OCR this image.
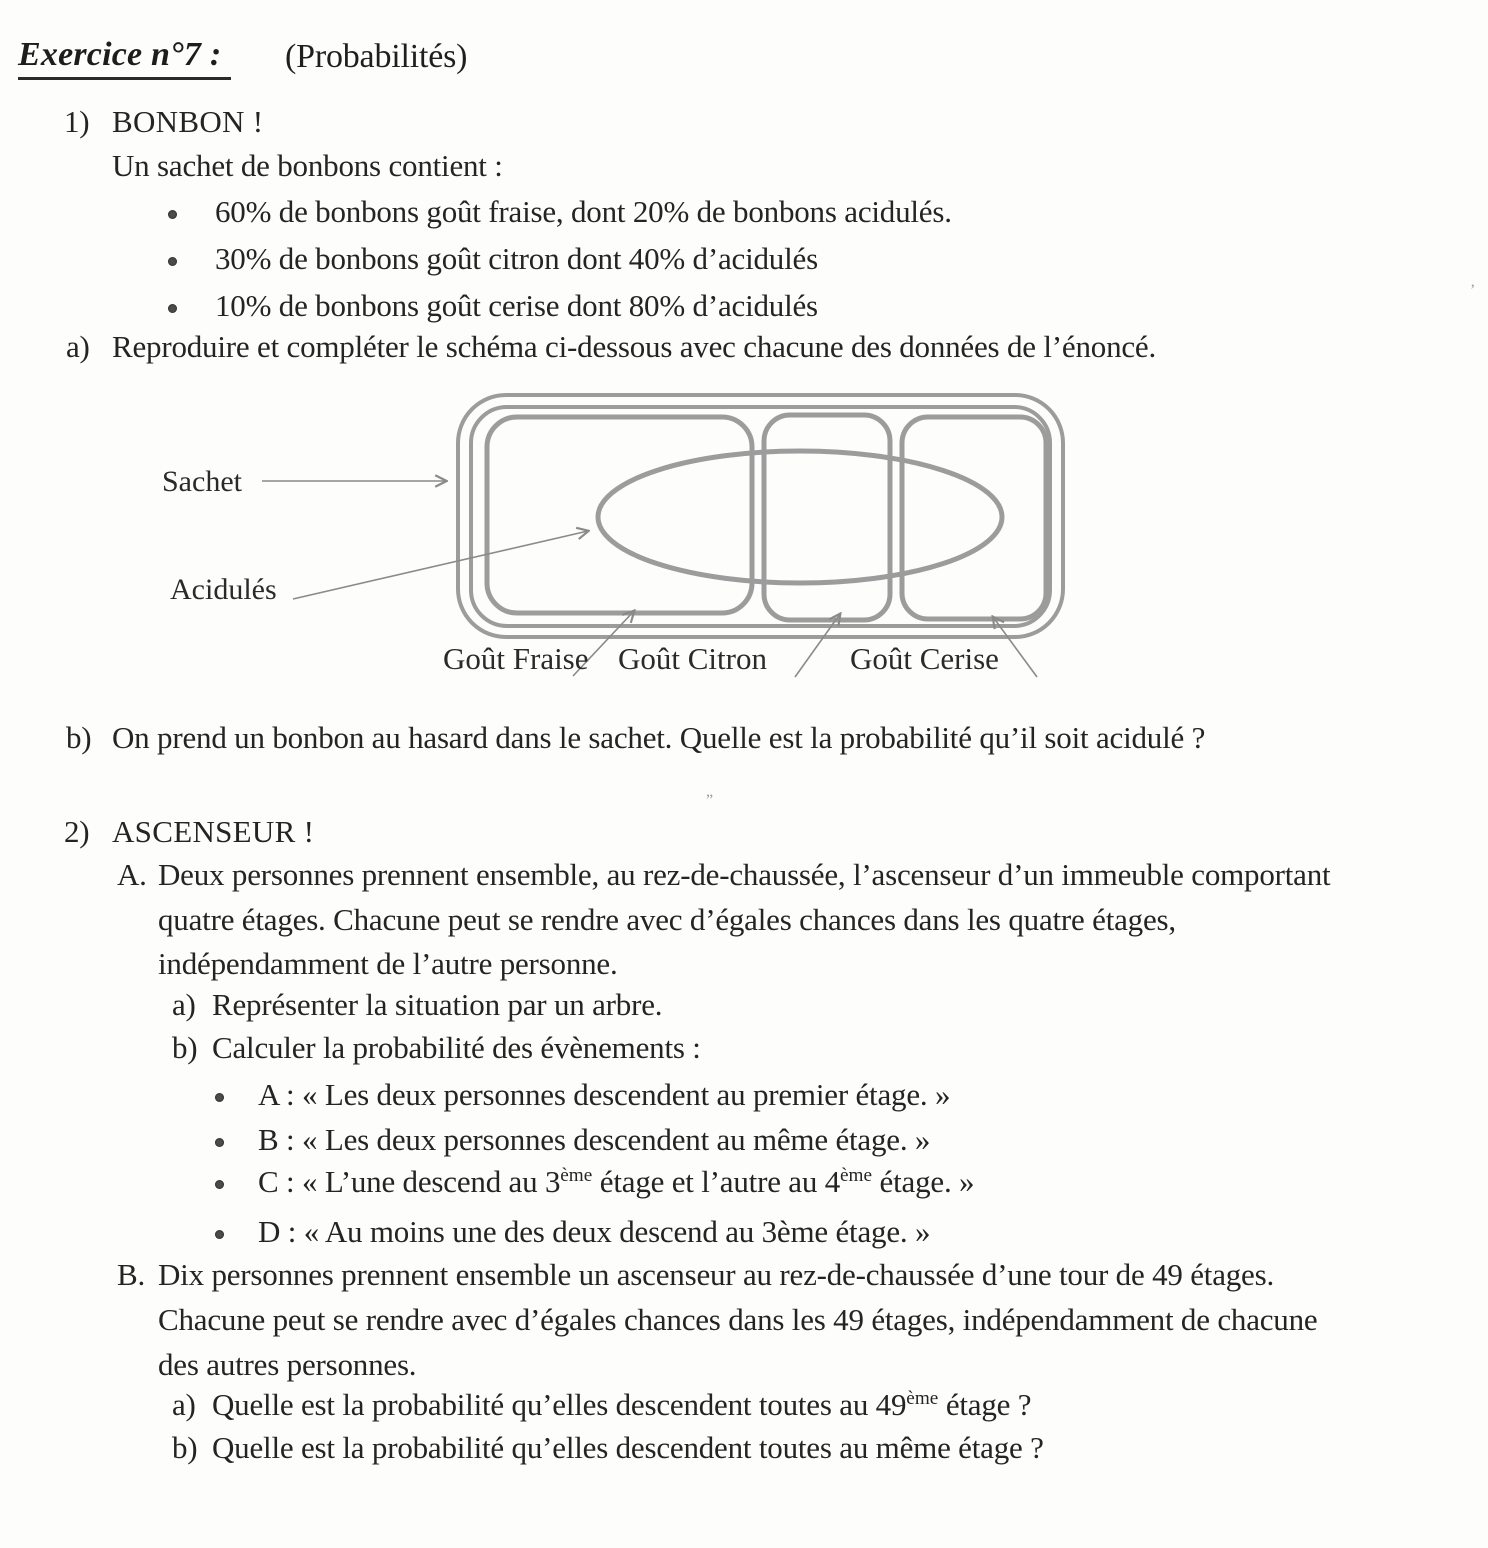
Exercice n°7 : (Probabilités)
1) BONBON !
Un sachet de bonbons contient :
60% de bonbons goût fraise, dont 20% de bonbons acidulés.
30% de bonbons goût citron dont 40% d’acidulés
10% de bonbons goût cerise dont 80% d’acidulés
a) Reproduire et compléter le schéma ci-dessous avec chacune des données de l’énoncé.
Sachet
Acidulés
Goût Fraise Goût Citron	Goût Cerise
b) On prend un bonbon au hasard dans le sachet. Quelle est la probabilité qu’il soit acidulé ?
2) ASCENSEUR !
A. Deux personnes prennent ensemble, au rez-de-chaussée, l’ascenseur d’un immeuble comportant
quatre étages. Chacune peut se rendre avec d’égales chances dans les quatre étages,
indépendamment de l’autre personne.
a) Représenter la situation par un arbre.
b) Calculer la probabilité des évènements :
A : « Les deux personnes descendent au premier étage. »
B : « Les deux personnes descendent au même étage. »
C : « L’une descend au 3ème étage et l’autre au 4ème étage. »
D : « Au moins une des deux descend au 3ème étage. »
B. Dix personnes prennent ensemble un ascenseur au rez-de-chaussée d’une tour de 49 étages.
Chacune peut se rendre avec d’égales chances dans les 49 étages, indépendamment de chacune
des autres personnes.
a) Quelle est la probabilité qu’elles descendent toutes au 49ème étage ?
b) Quelle est la probabilité qu’elles descendent toutes au même étage ?
’
”
